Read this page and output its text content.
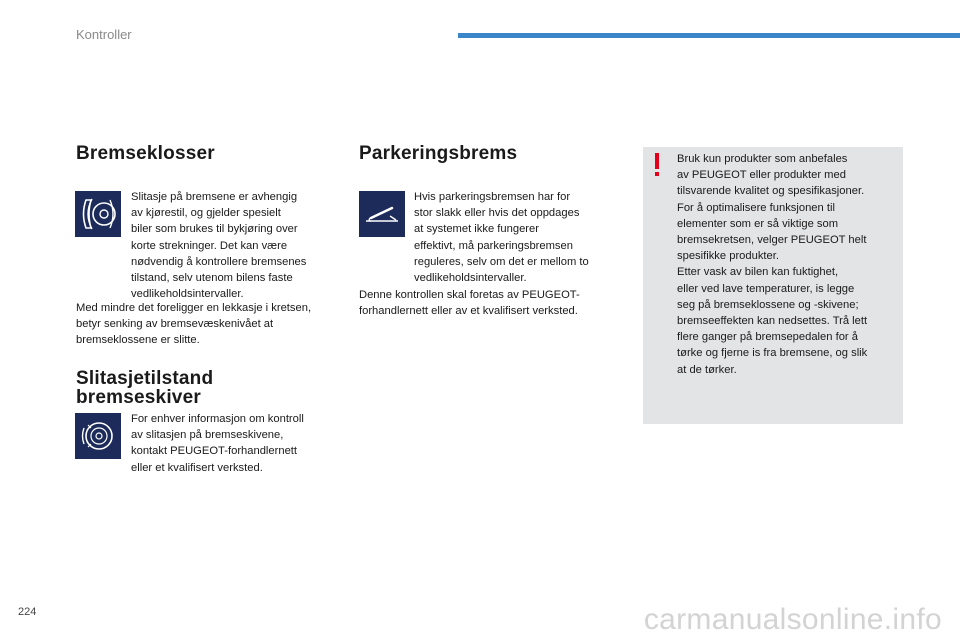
Kontroller
Bremseklosser

Slitasje på bremsene er avhengig
av kjørestil, og gjelder spesielt
biler som brukes til bykjøring over
korte strekninger. Det kan være
nødvendig å kontrollere bremsenes
tilstand, selv utenom bilens faste
vedlikeholdsintervaller.

Med mindre det foreligger en lekkasje i kretsen,
betyr senking av bremsevæskenivået at
bremseklossene er slitte.

Slitasjetilstand
bremseskiver

For enhver informasjon om kontroll
av slitasjen på bremseskivene,
kontakt PEUGEOT-forhandlernett
eller et kvalifisert verksted.

Parkeringsbrems

Hvis parkeringsbremsen har for
stor slakk eller hvis det oppdages
at systemet ikke fungerer
effektivt, må parkeringsbremsen
reguleres, selv om det er mellom to
vedlikeholdsintervaller.

Denne kontrollen skal foretas av PEUGEOT-
forhandlernett eller av et kvalifisert verksted.

Bruk kun produkter som anbefales
av PEUGEOT eller produkter med
tilsvarende kvalitet og spesifikasjoner.
For å optimalisere funksjonen til
elementer som er så viktige som
bremsekretsen, velger PEUGEOT helt
spesifikke produkter.
Etter vask av bilen kan fuktighet,
eller ved lave temperaturer, is legge
seg på bremseklossene og -skivene;
bremseeffekten kan nedsettes. Trå lett
flere ganger på bremsepedalen for å
tørke og fjerne is fra bremsene, og slik
at de tørker.

224	carmanualsonline.info
